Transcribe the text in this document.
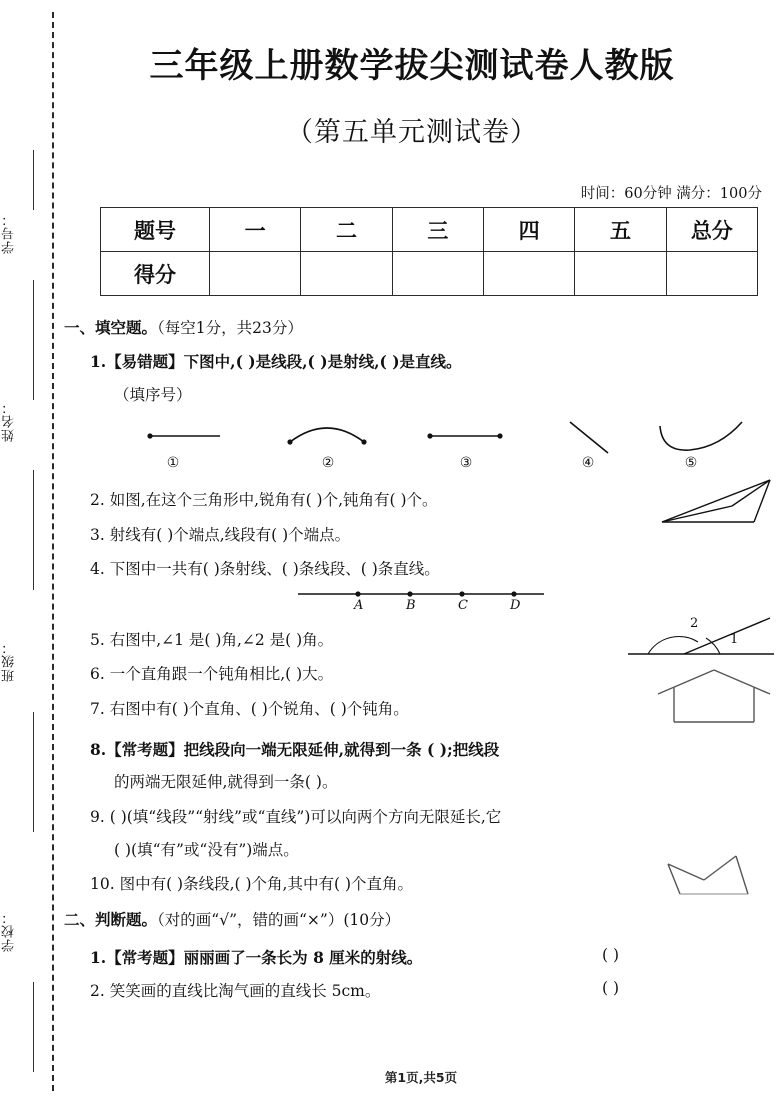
学号：
姓名：
班级：
学校：
三年级上册数学拔尖测试卷人教版
（第五单元测试卷）
时间：60分钟 满分：100分
题号	一	二	三	四	五	总分
得分						
一、填空题。（每空1分，共23分）
1.【易错题】下图中,( )是线段,( )是射线,( )是直线。
（填序号）
①	②	③	④	⑤
2. 如图,在这个三角形中,锐角有( )个,钝角有( )个。
3. 射线有( )个端点,线段有( )个端点。
4. 下图中一共有( )条射线、( )条线段、( )条直线。
A	B	C	D
5. 右图中,∠1 是( )角,∠2 是( )角。	1
2
6. 一个直角跟一个钝角相比,( )大。
7. 右图中有( )个直角、( )个锐角、( )个钝角。
8.【常考题】把线段向一端无限延伸,就得到一条 ( );把线段
的两端无限延伸,就得到一条( )。
9. ( )(填“线段”“射线”或“直线”)可以向两个方向无限延长,它
( )(填“有”或“没有”)端点。
10. 图中有( )条线段,( )个角,其中有( )个直角。
二、判断题。（对的画“√”，错的画“×”）(10分）
1.【常考题】丽丽画了一条长为 8 厘米的射线。	( )
2. 笑笑画的直线比淘气画的直线长 5cm。	( )
第1页,共5页
